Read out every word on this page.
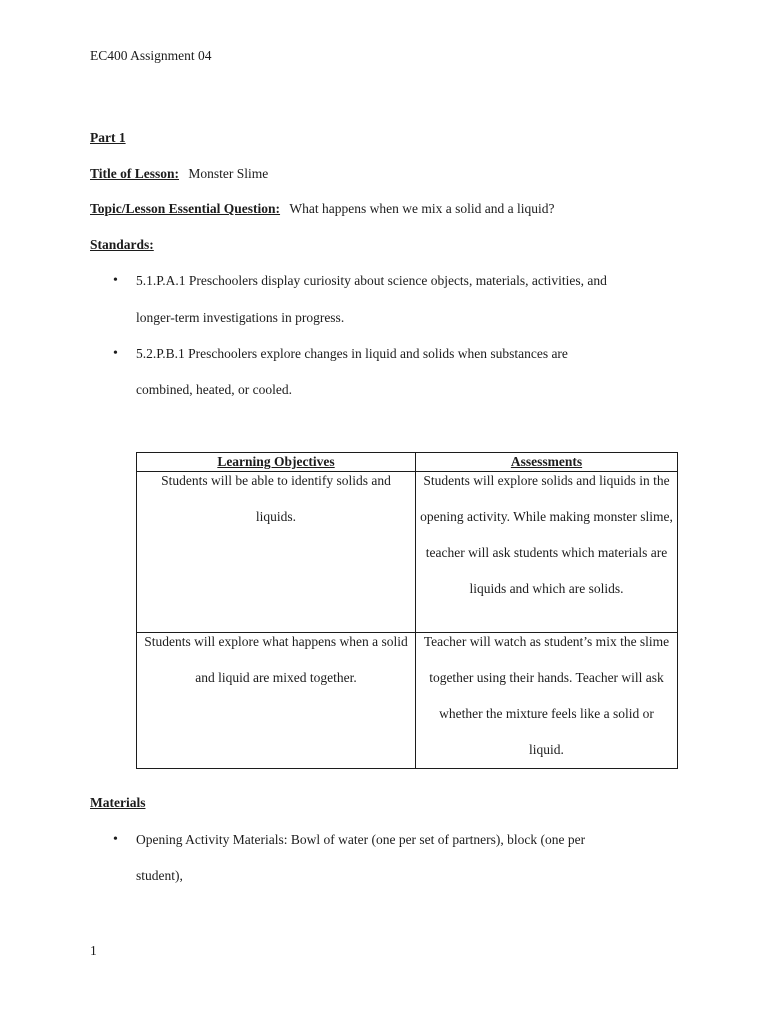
EC400 Assignment 04
Part 1
Title of Lesson: Monster Slime
Topic/Lesson Essential Question: What happens when we mix a solid and a liquid?
Standards:
• 5.1.P.A.1 Preschoolers display curiosity about science objects, materials, activities, and
longer-term investigations in progress.
• 5.2.P.B.1 Preschoolers explore changes in liquid and solids when substances are
combined, heated, or cooled.
Learning Objectives	Assessments

Students will be able to identify solids and liquids.	Students will explore solids and liquids in the opening activity. While making monster slime, teacher will ask students which materials are liquids and which are solids.

Students will explore what happens when a solid and liquid are mixed together.	Teacher will watch as student’s mix the slime together using their hands. Teacher will ask whether the mixture feels like a solid or liquid.
Materials
• Opening Activity Materials: Bowl of water (one per set of partners), block (one per
student),
1
